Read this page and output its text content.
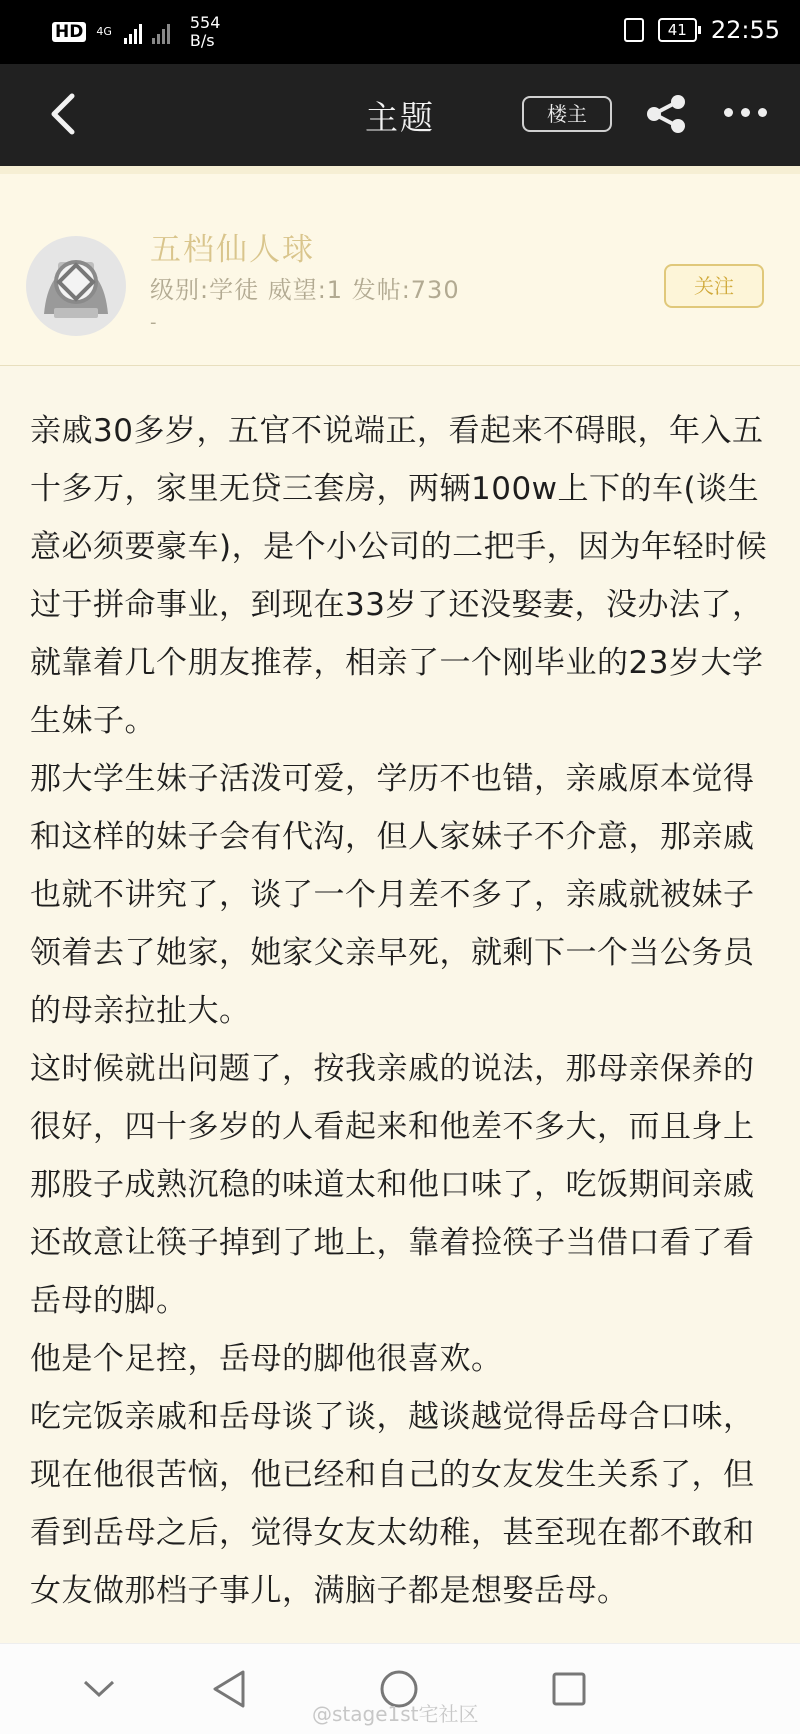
HD 4G	554
B/s
41	22:55
主题	楼主
五档仙人球
级别:学徒 威望:1 发帖:730
-
关注

亲戚30多岁，五官不说端正，看起来不碍眼，年入五十多万，家里无贷三套房，两辆100w上下的车(谈生意必须要豪车)，是个小公司的二把手，因为年轻时候过于拼命事业，到现在33岁了还没娶妻，没办法了，就靠着几个朋友推荐，相亲了一个刚毕业的23岁大学生妹子。

那大学生妹子活泼可爱，学历不也错，亲戚原本觉得和这样的妹子会有代沟，但人家妹子不介意，那亲戚也就不讲究了，谈了一个月差不多了，亲戚就被妹子领着去了她家，她家父亲早死，就剩下一个当公务员的母亲拉扯大。

这时候就出问题了，按我亲戚的说法，那母亲保养的很好，四十多岁的人看起来和他差不多大，而且身上那股子成熟沉稳的味道太和他口味了，吃饭期间亲戚还故意让筷子掉到了地上，靠着捡筷子当借口看了看岳母的脚。

他是个足控，岳母的脚他很喜欢。

吃完饭亲戚和岳母谈了谈，越谈越觉得岳母合口味，现在他很苦恼，他已经和自己的女友发生关系了，但看到岳母之后，觉得女友太幼稚，甚至现在都不敢和女友做那档子事儿，满脑子都是想娶岳母。

@stage1st宅社区
